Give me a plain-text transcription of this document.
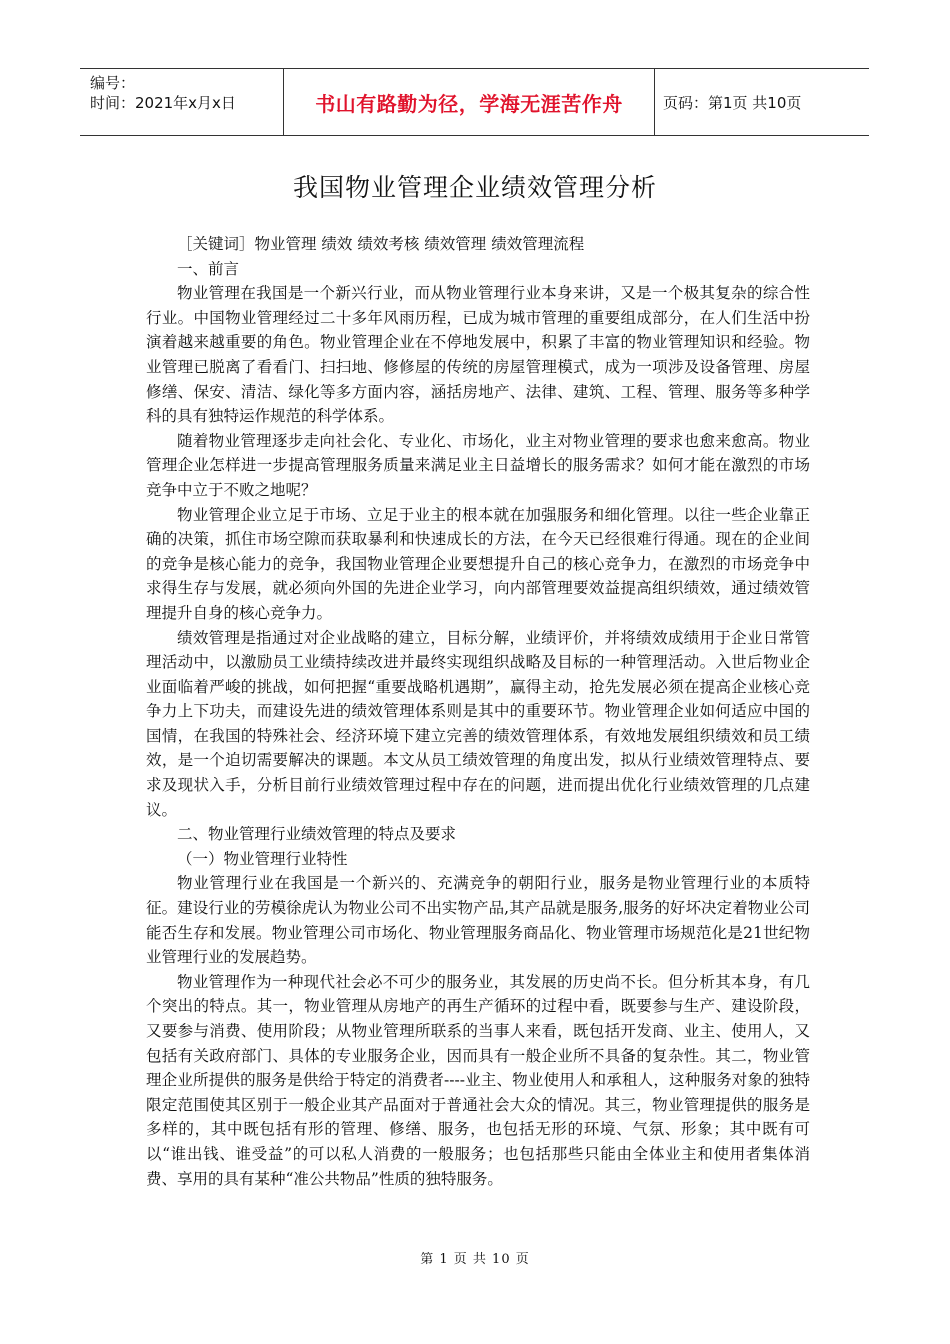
编号：
时间：2021年x月x日	书山有路勤为径，学海无涯苦作舟	页码：第1页 共10页
我国物业管理企业绩效管理分析

［关键词］物业管理 绩效 绩效考核 绩效管理 绩效管理流程

一、前言

物业管理在我国是一个新兴行业，而从物业管理行业本身来讲，又是一个极其复杂的综合性行业。中国物业管理经过二十多年风雨历程，已成为城市管理的重要组成部分，在人们生活中扮演着越来越重要的角色。物业管理企业在不停地发展中，积累了丰富的物业管理知识和经验。物业管理已脱离了看看门、扫扫地、修修屋的传统的房屋管理模式，成为一项涉及设备管理、房屋修缮、保安、清洁、绿化等多方面内容，涵括房地产、法律、建筑、工程、管理、服务等多种学科的具有独特运作规范的科学体系。

随着物业管理逐步走向社会化、专业化、市场化，业主对物业管理的要求也愈来愈高。物业管理企业怎样进一步提高管理服务质量来满足业主日益增长的服务需求？如何才能在激烈的市场竞争中立于不败之地呢？

物业管理企业立足于市场、立足于业主的根本就在加强服务和细化管理。以往一些企业靠正确的决策，抓住市场空隙而获取暴利和快速成长的方法，在今天已经很难行得通。现在的企业间的竞争是核心能力的竞争，我国物业管理企业要想提升自己的核心竞争力，在激烈的市场竞争中求得生存与发展，就必须向外国的先进企业学习，向内部管理要效益提高组织绩效，通过绩效管理提升自身的核心竞争力。

绩效管理是指通过对企业战略的建立，目标分解，业绩评价，并将绩效成绩用于企业日常管理活动中，以激励员工业绩持续改进并最终实现组织战略及目标的一种管理活动。入世后物业企业面临着严峻的挑战，如何把握“重要战略机遇期”，赢得主动，抢先发展必须在提高企业核心竞争力上下功夫，而建设先进的绩效管理体系则是其中的重要环节。物业管理企业如何适应中国的国情，在我国的特殊社会、经济环境下建立完善的绩效管理体系，有效地发展组织绩效和员工绩效，是一个迫切需要解决的课题。本文从员工绩效管理的角度出发，拟从行业绩效管理特点、要求及现状入手，分析目前行业绩效管理过程中存在的问题，进而提出优化行业绩效管理的几点建议。

二、物业管理行业绩效管理的特点及要求

（一）物业管理行业特性

物业管理行业在我国是一个新兴的、充满竞争的朝阳行业，服务是物业管理行业的本质特征。建设行业的劳模徐虎认为物业公司不出实物产品,其产品就是服务,服务的好坏决定着物业公司能否生存和发展。物业管理公司市场化、物业管理服务商品化、物业管理市场规范化是21世纪物业管理行业的发展趋势。

物业管理作为一种现代社会必不可少的服务业，其发展的历史尚不长。但分析其本身，有几个突出的特点。其一，物业管理从房地产的再生产循环的过程中看，既要参与生产、建设阶段，又要参与消费、使用阶段；从物业管理所联系的当事人来看，既包括开发商、业主、使用人，又包括有关政府部门、具体的专业服务企业，因而具有一般企业所不具备的复杂性。其二，物业管理企业所提供的服务是供给于特定的消费者----业主、物业使用人和承租人，这种服务对象的独特限定范围使其区别于一般企业其产品面对于普通社会大众的情况。其三，物业管理提供的服务是多样的，其中既包括有形的管理、修缮、服务，也包括无形的环境、气氛、形象；其中既有可以“谁出钱、谁受益”的可以私人消费的一般服务；也包括那些只能由全体业主和使用者集体消费、享用的具有某种“准公共物品”性质的独特服务。

第 1 页 共 10 页
